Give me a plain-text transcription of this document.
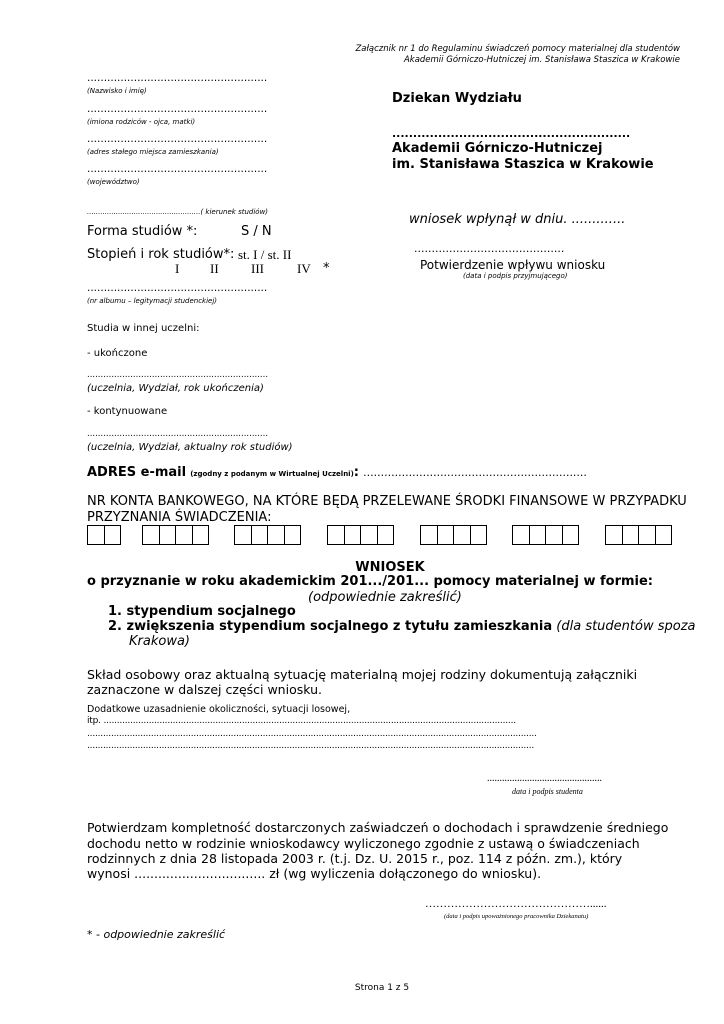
Załącznik nr 1 do Regulaminu świadczeń pomocy materialnej dla studentów
Akademii Górniczo-Hutniczej im. Stanisława Staszica w Krakowie
......................................................
(Nazwisko i imię)
......................................................
(imiona rodziców - ojca, matki)
......................................................
(adres stałego miejsca zamieszkania)
......................................................
(województwo)
...................................................( kierunek studiów)
Forma studiów *:	S / N
Stopień i rok studiów*: st. I / st. II
I II III	IV *
......................................................
(nr albumu – legitymacji studenckiej)
Dziekan Wydziału
.........................................................
Akademii Górniczo-Hutniczej
im. Stanisława Staszica w Krakowie
wniosek wpłynął w dniu. .............
...........................................
Potwierdzenie wpływu wniosku
(data i podpis przyjmującego)
Studia w innej uczelni:
- ukończone
...................................................................
(uczelnia, Wydział, rok ukończenia)
- kontynuowane
...................................................................
(uczelnia, Wydział, aktualny rok studiów)
ADRES e-mail (zgodny z podanym w Wirtualnej Uczelni): ................................................................
NR KONTA BANKOWEGO, NA KTÓRE BĘDĄ PRZELEWANE ŚRODKI FINANSOWE W PRZYPADKU
PRZYZNANIA ŚWIADCZENIA:
WNIOSEK
o przyznanie w roku akademickim 201.../201... pomocy materialnej w formie:
(odpowiednie zakreślić)
1. stypendium socjalnego
2. zwiększenia stypendium socjalnego z tytułu zamieszkania (dla studentów spoza
Krakowa)
Skład osobowy oraz aktualną sytuację materialną mojej rodziny dokumentują załączniki
zaznaczone w dalszej części wniosku.
Dodatkowe uzasadnienie okoliczności, sytuacji losowej,
itp. ...........................................................................................................................................................
.........................................................................................................................................................................
........................................................................................................................................................................
..............................................
data i podpis studenta
Potwierdzam kompletność dostarczonych zaświadczeń o dochodach i sprawdzenie średniego
dochodu netto w rodzinie wnioskodawcy wyliczonego zgodnie z ustawą o świadczeniach
rodzinnych z dnia 28 listopada 2003 r. (t.j. Dz. U. 2015 r., poz. 114 z późn. zm.), który
wynosi ................................. zł (wg wyliczenia dołączonego do wniosku).
………………………………………......
(data i podpis upoważnionego pracownika Dziekanatu)
* - odpowiednie zakreślić
Strona 1 z 5
